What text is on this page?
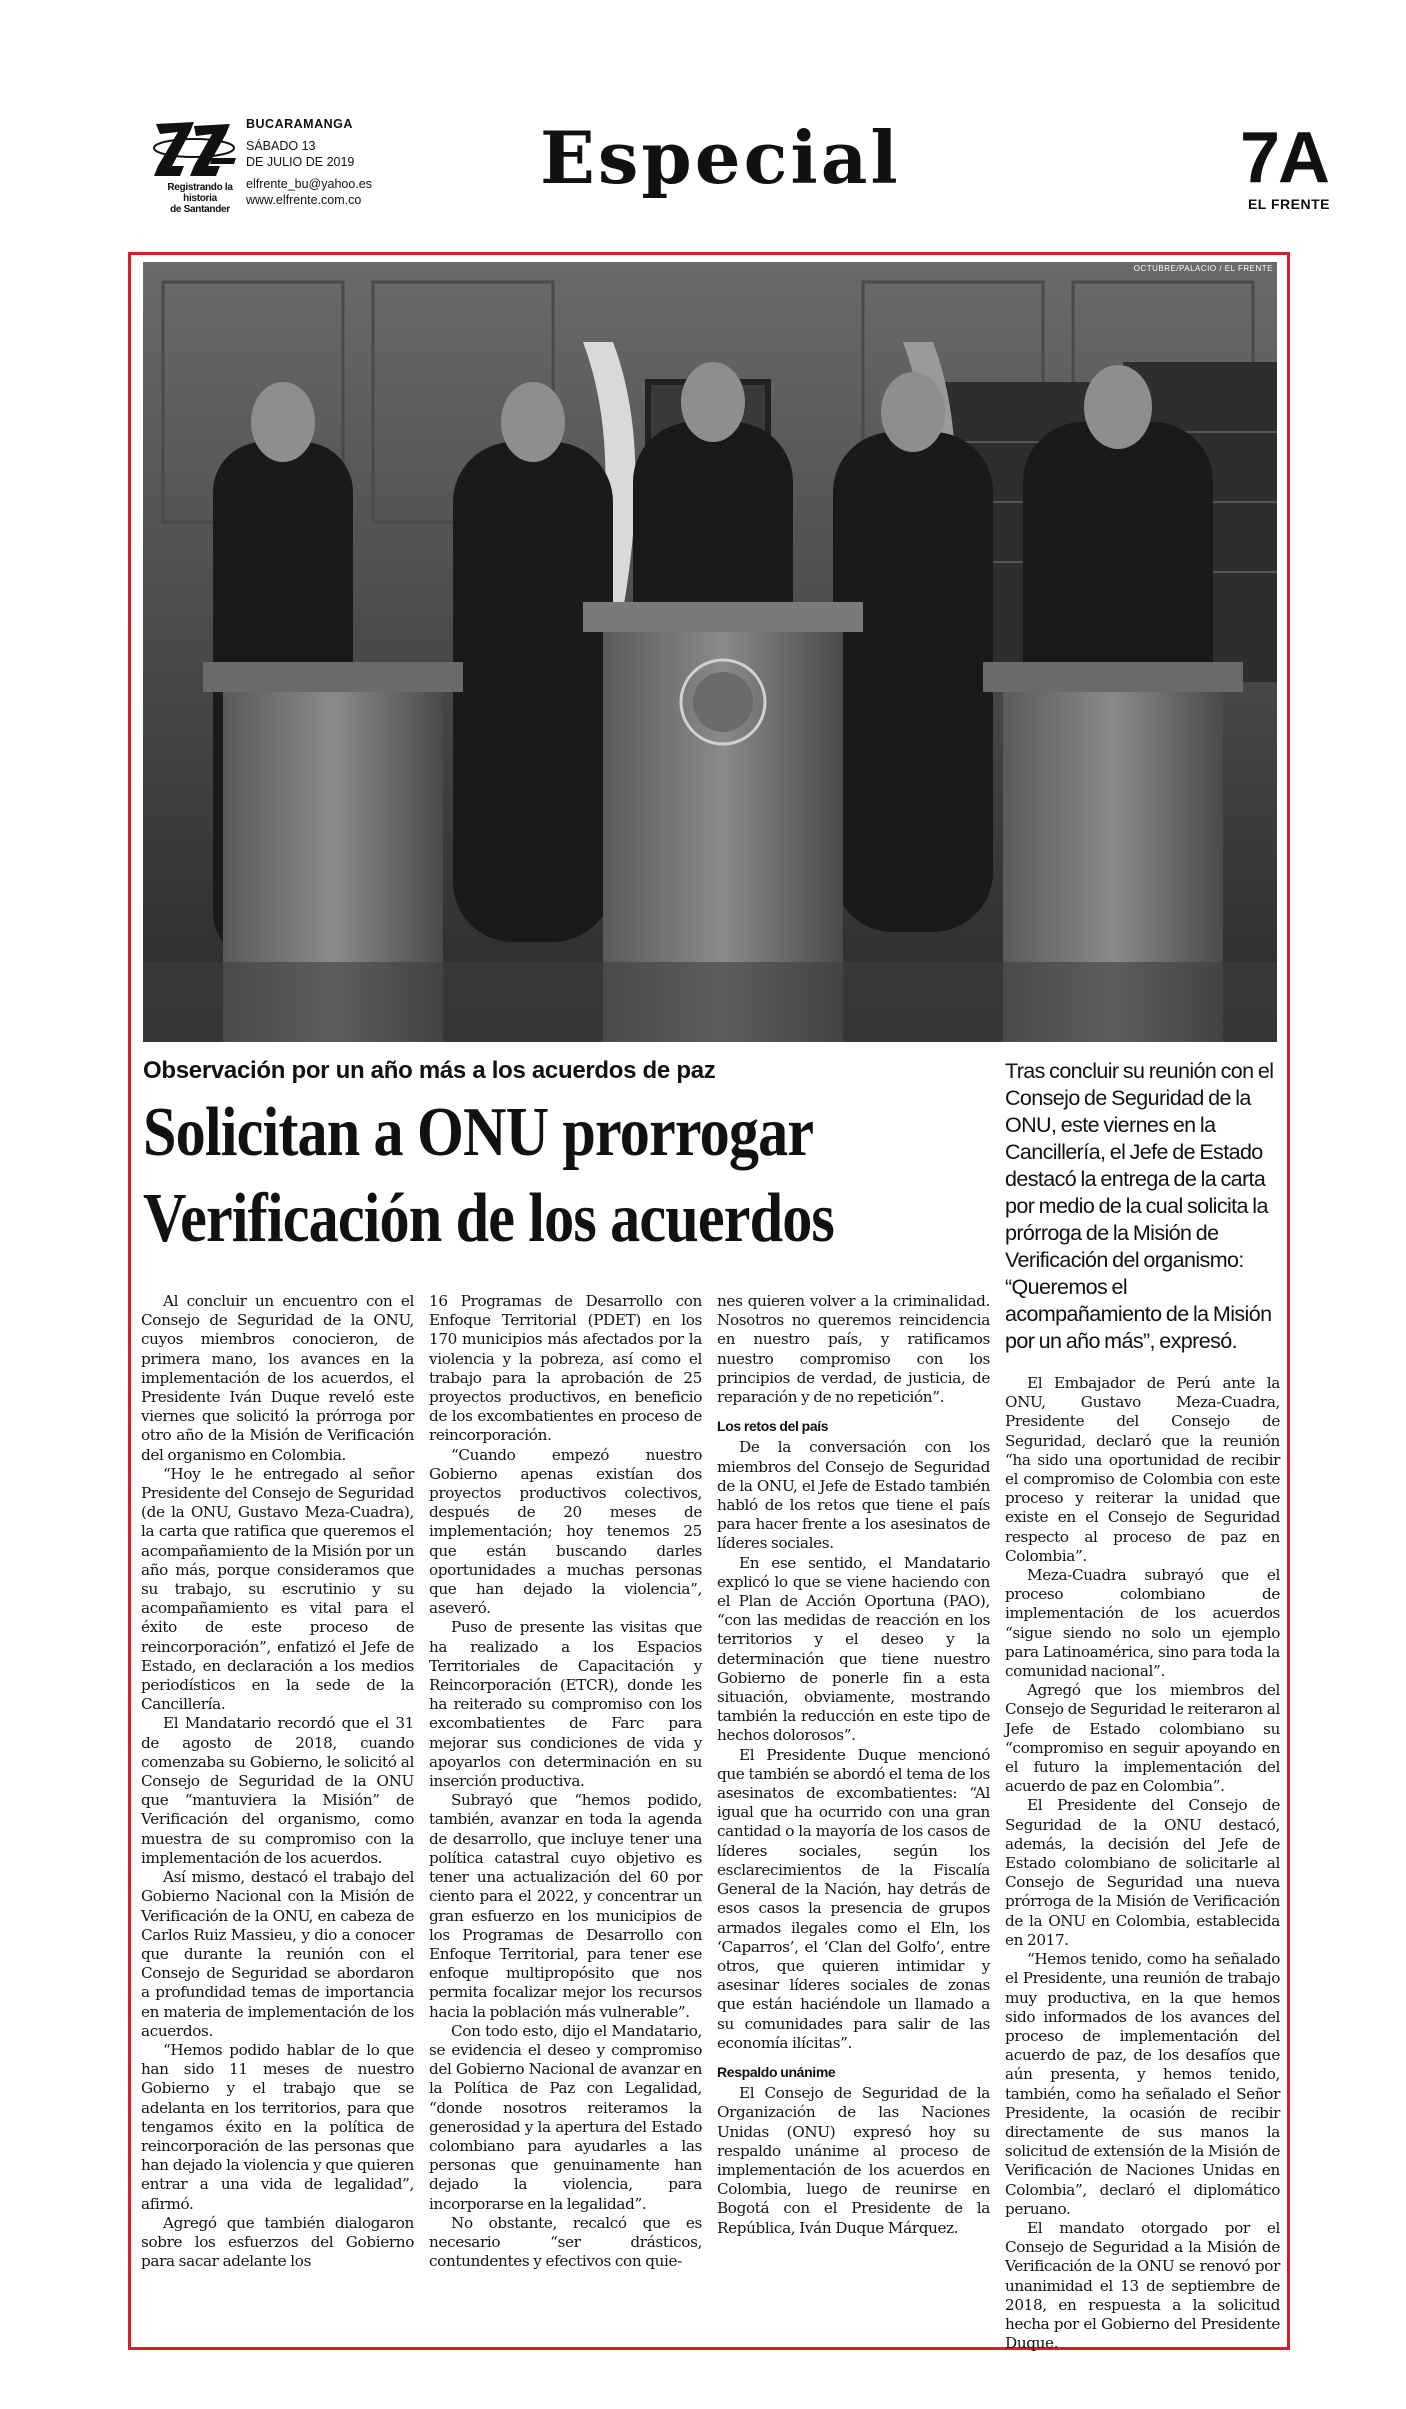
Registrando la historia
de Santander
BUCARAMANGA
SÁBADO 13
DE JULIO DE 2019
elfrente_bu@yahoo.es
www.elfrente.com.co Especial	7A
EL FRENTE
OCTUBRE/PALACIO / EL FRENTE
Observación por un año más a los acuerdos de paz
Solicitan a ONU prorrogar
Verificación de los acuerdos
Tras concluir su reunión con el Consejo de Seguridad de la ONU, este viernes en la Cancillería, el Jefe de Estado destacó la entrega de la carta por medio de la cual solicita la prórroga de la Misión de Verificación del organismo: “Queremos el acompañamiento de la Misión por un año más”, expresó.

Al concluir un encuentro con el Consejo de Seguridad de la ONU, cuyos miembros conocieron, de primera mano, los avances en la implementación de los acuerdos, el Presidente Iván Duque reveló este viernes que solicitó la prórroga por otro año de la Misión de Verificación del organismo en Colombia.

“Hoy le he entregado al señor Presidente del Consejo de Seguridad (de la ONU, Gustavo Meza-Cuadra), la carta que ratifica que queremos el acompañamiento de la Misión por un año más, porque consideramos que su trabajo, su escrutinio y su acompañamiento es vital para el éxito de este proceso de reincorporación”, enfatizó el Jefe de Estado, en declaración a los medios periodísticos en la sede de la Cancillería.

El Mandatario recordó que el 31 de agosto de 2018, cuando comenzaba su Gobierno, le solicitó al Consejo de Seguridad de la ONU que “mantuviera la Misión” de Verificación del organismo, como muestra de su compromiso con la implementación de los acuerdos.

Así mismo, destacó el trabajo del Gobierno Nacional con la Misión de Verificación de la ONU, en cabeza de Carlos Ruiz Massieu, y dio a conocer que durante la reunión con el Consejo de Seguridad se abordaron a profundidad temas de importancia en materia de implementación de los acuerdos.

“Hemos podido hablar de lo que han sido 11 meses de nuestro Gobierno y el trabajo que se adelanta en los territorios, para que tengamos éxito en la política de reincorporación de las personas que han dejado la violencia y que quieren entrar a una vida de legalidad”, afirmó.

Agregó que también dialogaron sobre los esfuerzos del Gobierno para sacar adelante los

16 Programas de Desarrollo con Enfoque Territorial (PDET) en los 170 municipios más afectados por la violencia y la pobreza, así como el trabajo para la aprobación de 25 proyectos productivos, en beneficio de los excombatientes en proceso de reincorporación.

“Cuando empezó nuestro Gobierno apenas existían dos proyectos productivos colectivos, después de 20 meses de implementación; hoy tenemos 25 que están buscando darles oportunidades a muchas personas que han dejado la violencia”, aseveró.

Puso de presente las visitas que ha realizado a los Espacios Territoriales de Capacitación y Reincorporación (ETCR), donde les ha reiterado su compromiso con los excombatientes de Farc para mejorar sus condiciones de vida y apoyarlos con determinación en su inserción productiva.

Subrayó que “hemos podido, también, avanzar en toda la agenda de desarrollo, que incluye tener una política catastral cuyo objetivo es tener una actualización del 60 por ciento para el 2022, y concentrar un gran esfuerzo en los municipios de los Programas de Desarrollo con Enfoque Territorial, para tener ese enfoque multipropósito que nos permita focalizar mejor los recursos hacia la población más vulnerable”.

Con todo esto, dijo el Mandatario, se evidencia el deseo y compromiso del Gobierno Nacional de avanzar en la Política de Paz con Legalidad, “donde nosotros reiteramos la generosidad y la apertura del Estado colombiano para ayudarles a las personas que genuinamente han dejado la violencia, para incorporarse en la legalidad”.

No obstante, recalcó que es necesario “ser drásticos, contundentes y efectivos con quie-

nes quieren volver a la criminalidad. Nosotros no queremos reincidencia en nuestro país, y ratificamos nuestro compromiso con los principios de verdad, de justicia, de reparación y de no repetición”.

Los retos del país

De la conversación con los miembros del Consejo de Seguridad de la ONU, el Jefe de Estado también habló de los retos que tiene el país para hacer frente a los asesinatos de líderes sociales.

En ese sentido, el Mandatario explicó lo que se viene haciendo con el Plan de Acción Oportuna (PAO), “con las medidas de reacción en los territorios y el deseo y la determinación que tiene nuestro Gobierno de ponerle fin a esta situación, obviamente, mostrando también la reducción en este tipo de hechos dolorosos”.

El Presidente Duque mencionó que también se abordó el tema de los asesinatos de excombatientes: “Al igual que ha ocurrido con una gran cantidad o la mayoría de los casos de líderes sociales, según los esclarecimientos de la Fiscalía General de la Nación, hay detrás de esos casos la presencia de grupos armados ilegales como el Eln, los ‘Caparros’, el ‘Clan del Golfo’, entre otros, que quieren intimidar y asesinar líderes sociales de zonas que están haciéndole un llamado a su comunidades para salir de las economía ilícitas”.

Respaldo unánime

El Consejo de Seguridad de la Organización de las Naciones Unidas (ONU) expresó hoy su respaldo unánime al proceso de implementación de los acuerdos en Colombia, luego de reunirse en Bogotá con el Presidente de la República, Iván Duque Márquez.

El Embajador de Perú ante la ONU, Gustavo Meza-Cuadra, Presidente del Consejo de Seguridad, declaró que la reunión “ha sido una oportunidad de recibir el compromiso de Colombia con este proceso y reiterar la unidad que existe en el Consejo de Seguridad respecto al proceso de paz en Colombia”.

Meza-Cuadra subrayó que el proceso colombiano de implementación de los acuerdos “sigue siendo no solo un ejemplo para Latinoamérica, sino para toda la comunidad nacional”.

Agregó que los miembros del Consejo de Seguridad le reiteraron al Jefe de Estado colombiano su “compromiso en seguir apoyando en el futuro la implementación del acuerdo de paz en Colombia”.

El Presidente del Consejo de Seguridad de la ONU destacó, además, la decisión del Jefe de Estado colombiano de solicitarle al Consejo de Seguridad una nueva prórroga de la Misión de Verificación de la ONU en Colombia, establecida en 2017.

“Hemos tenido, como ha señalado el Presidente, una reunión de trabajo muy productiva, en la que hemos sido informados de los avances del proceso de implementación del acuerdo de paz, de los desafíos que aún presenta, y hemos tenido, también, como ha señalado el Señor Presidente, la ocasión de recibir directamente de sus manos la solicitud de extensión de la Misión de Verificación de Naciones Unidas en Colombia”, declaró el diplomático peruano.

El mandato otorgado por el Consejo de Seguridad a la Misión de Verificación de la ONU se renovó por unanimidad el 13 de septiembre de 2018, en respuesta a la solicitud hecha por el Gobierno del Presidente Duque.
